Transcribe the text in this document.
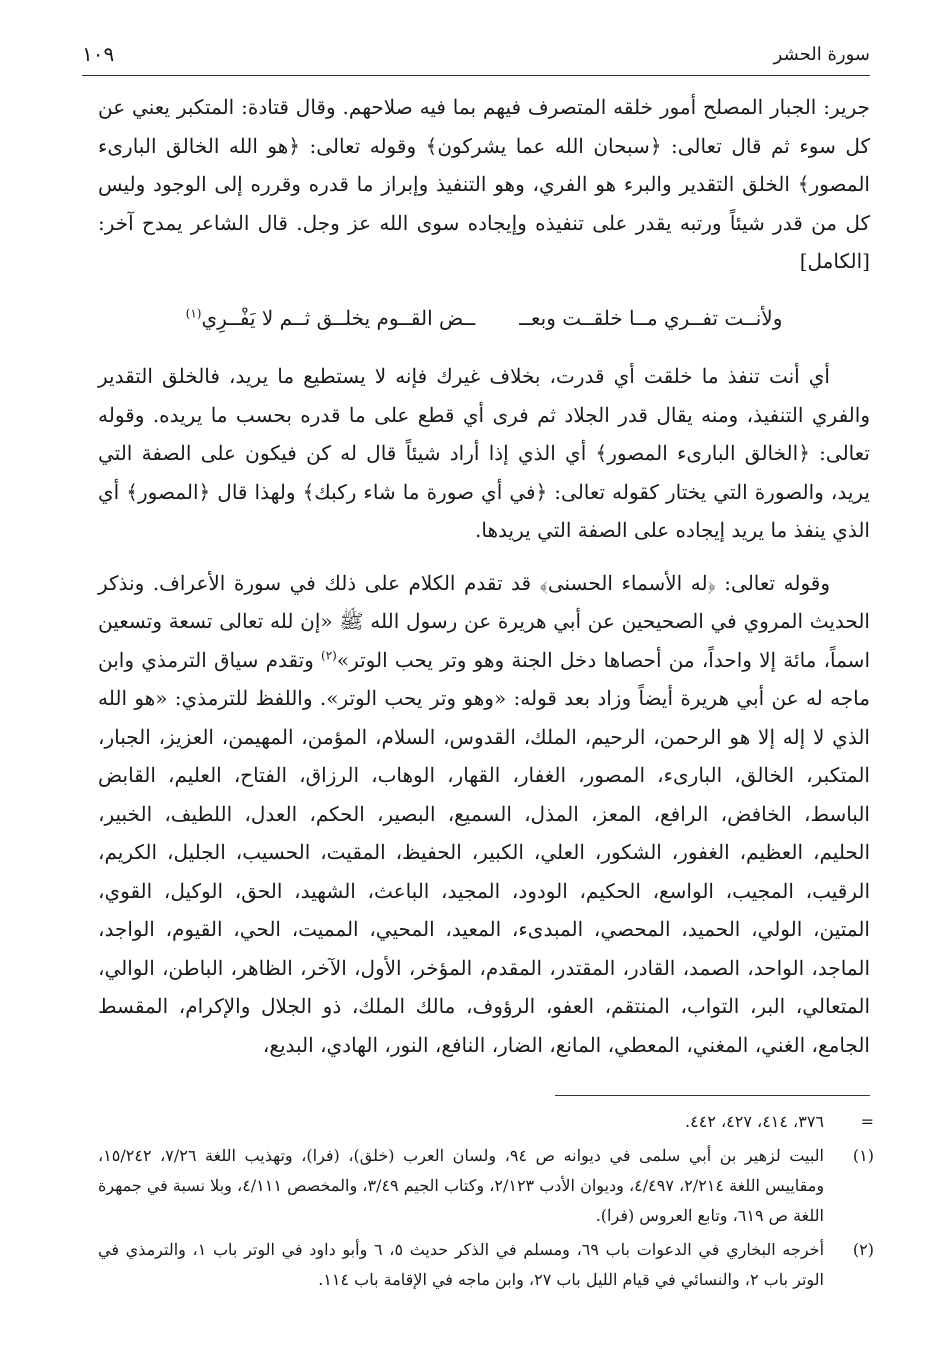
سورة الحشر
١٠٩

جرير: الجبار المصلح أمور خلقه المتصرف فيهم بما فيه صلاحهم. وقال قتادة: المتكبر يعني عن كل سوء ثم قال تعالى: ﴿سبحان الله عما يشركون﴾ وقوله تعالى: ﴿هو الله الخالق البارىء المصور﴾ الخلق التقدير والبرء هو الفري، وهو التنفيذ وإبراز ما قدره وقرره إلى الوجود وليس كل من قدر شيئاً ورتبه يقدر على تنفيذه وإيجاده سوى الله عز وجل. قال الشاعر يمدح آخر: [الكامل]

ولأنــت تفــري مــا خلقــت وبعــ
ــض القــوم يخلــق ثــم لا يَفْــرِي$^{(١)}$

أي أنت تنفذ ما خلقت أي قدرت، بخلاف غيرك فإنه لا يستطيع ما يريد، فالخلق التقدير والفري التنفيذ، ومنه يقال قدر الجلاد ثم فرى أي قطع على ما قدره بحسب ما يريده. وقوله تعالى: ﴿الخالق البارىء المصور﴾ أي الذي إذا أراد شيئاً قال له كن فيكون على الصفة التي يريد، والصورة التي يختار كقوله تعالى: ﴿في أي صورة ما شاء ركبك﴾ ولهذا قال ﴿المصور﴾ أي الذي ينفذ ما يريد إيجاده على الصفة التي يريدها.

وقوله تعالى: ﴿له الأسماء الحسنى﴾ قد تقدم الكلام على ذلك في سورة الأعراف. ونذكر الحديث المروي في الصحيحين عن أبي هريرة عن رسول الله ﷺ «إن لله تعالى تسعة وتسعين اسماً، مائة إلا واحداً، من أحصاها دخل الجنة وهو وتر يحب الوتر»$^{(٢)}$ وتقدم سياق الترمذي وابن ماجه له عن أبي هريرة أيضاً وزاد بعد قوله: «وهو وتر يحب الوتر». واللفظ للترمذي: «هو الله الذي لا إله إلا هو الرحمن، الرحيم، الملك، القدوس، السلام، المؤمن، المهيمن، العزيز، الجبار، المتكبر، الخالق، البارىء، المصور، الغفار، القهار، الوهاب، الرزاق، الفتاح، العليم، القابض الباسط، الخافض، الرافع، المعز، المذل، السميع، البصير، الحكم، العدل، اللطيف، الخبير، الحليم، العظيم، الغفور، الشكور، العلي، الكبير، الحفيظ، المقيت، الحسيب، الجليل، الكريم، الرقيب، المجيب، الواسع، الحكيم، الودود، المجيد، الباعث، الشهيد، الحق، الوكيل، القوي، المتين، الولي، الحميد، المحصي، المبدىء، المعيد، المحيي، المميت، الحي، القيوم، الواجد، الماجد، الواحد، الصمد، القادر، المقتدر، المقدم، المؤخر، الأول، الآخر، الظاهر، الباطن، الوالي، المتعالي، البر، التواب، المنتقم، العفو، الرؤوف، مالك الملك، ذو الجلال والإكرام، المقسط الجامع، الغني، المغني، المعطي، المانع، الضار، النافع، النور، الهادي، البديع،

=
٣٧٦، ٤١٤، ٤٢٧، ٤٤٢.
(١)
البيت لزهير بن أبي سلمى في ديوانه ص ٩٤، ولسان العرب (خلق)، (فرا)، وتهذيب اللغة ٧/٢٦، ١٥/٢٤٢، ومقاييس اللغة ٢/٢١٤، ٤/٤٩٧، وديوان الأدب ٢/١٢٣، وكتاب الجيم ٣/٤٩، والمخصص ٤/١١١، وبلا نسبة في جمهرة اللغة ص ٦١٩، وتابع العروس (فرا).
(٢)
أخرجه البخاري في الدعوات باب ٦٩، ومسلم في الذكر حديث ٥، ٦ وأبو داود في الوتر باب ١، والترمذي في الوتر باب ٢، والنسائي في قيام الليل باب ٢٧، وابن ماجه في الإقامة باب ١١٤.
